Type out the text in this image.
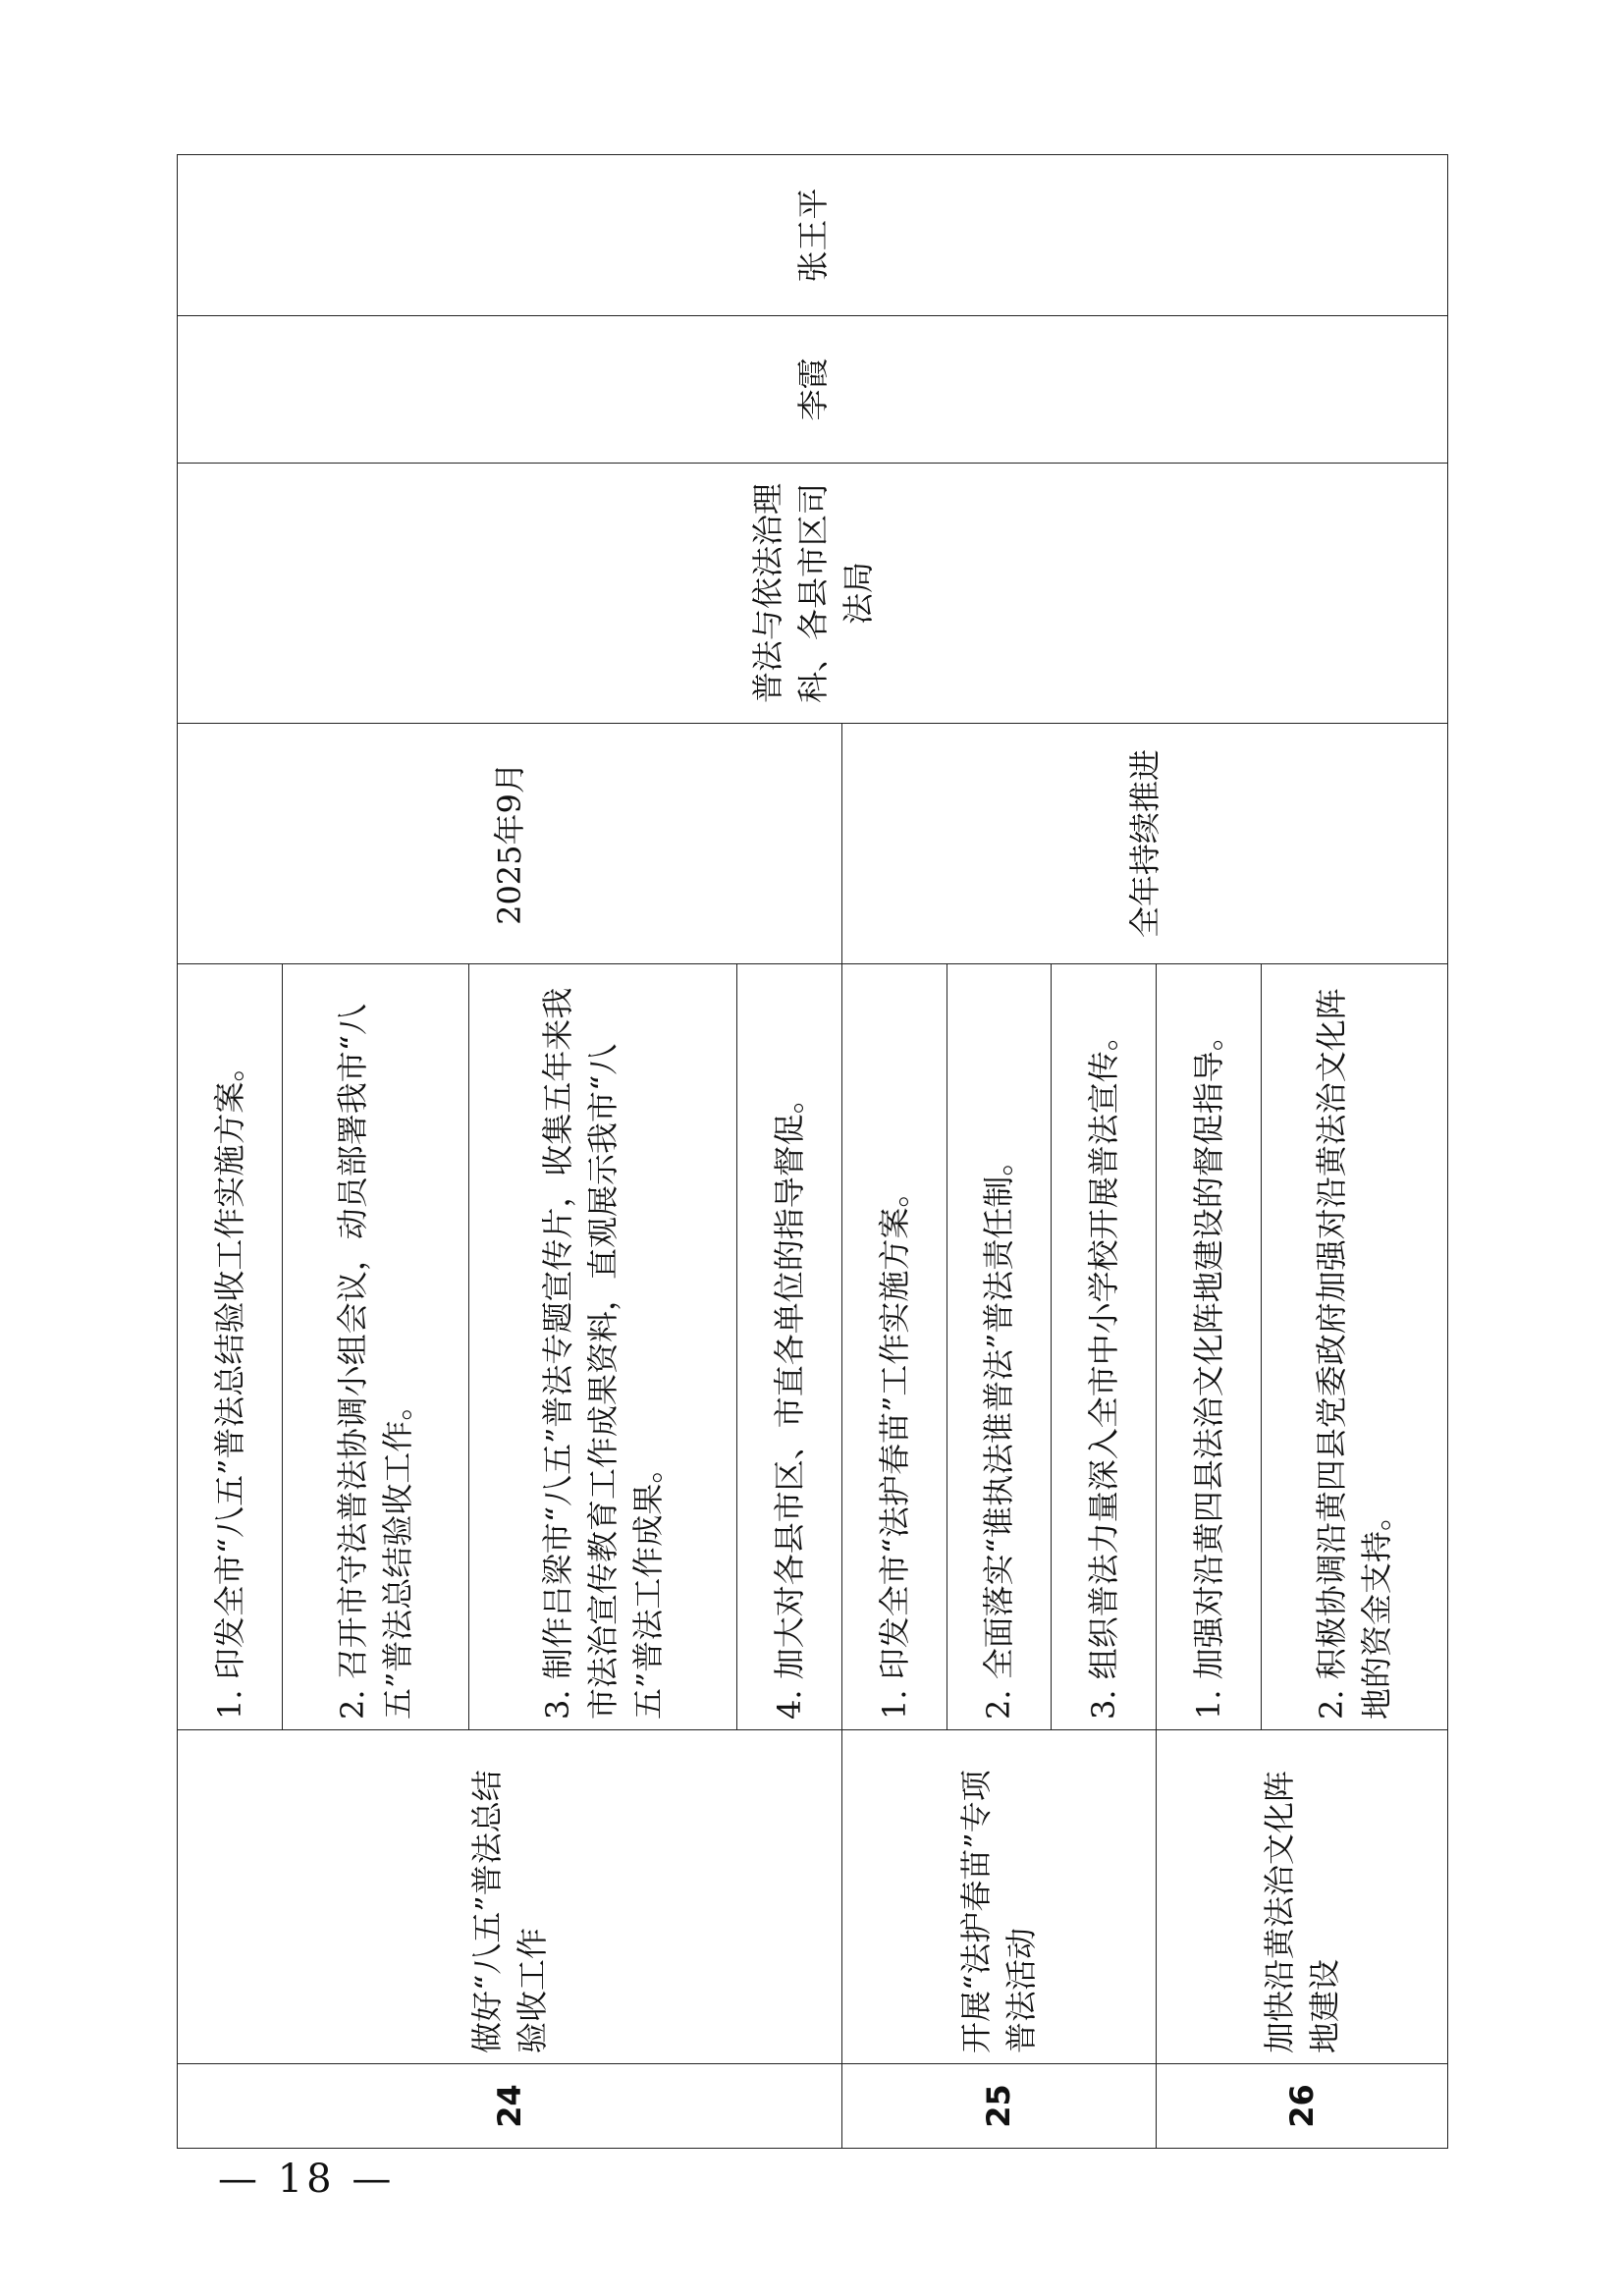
— 18 —
24	做好“八五”普法总结验收工作	1. 印发全市“八五”普法总结验收工作实施方案。	2025年9月	普法与依法治理科、各县市区司法局	李霞	张王平
		2. 召开市守法普法协调小组会议，动员部署我市“八五”普法总结验收工作。				
		3. 制作吕梁市“八五”普法专题宣传片，收集五年来我市法治宣传教育工作成果资料，直观展示我市“八五”普法工作成果。				
		4. 加大对各县市区、市直各单位的指导督促。				
25	开展“法护春苗”专项普法活动	1. 印发全市“法护春苗”工作实施方案。	全年持续推进			
		2. 全面落实“谁执法谁普法”普法责任制。				
		3. 组织普法力量深入全市中小学校开展普法宣传。				
26	加快沿黄法治文化阵地建设	1. 加强对沿黄四县法治文化阵地建设的督促指导。				
		2. 积极协调沿黄四县党委政府加强对沿黄法治文化阵地的资金支持。				
